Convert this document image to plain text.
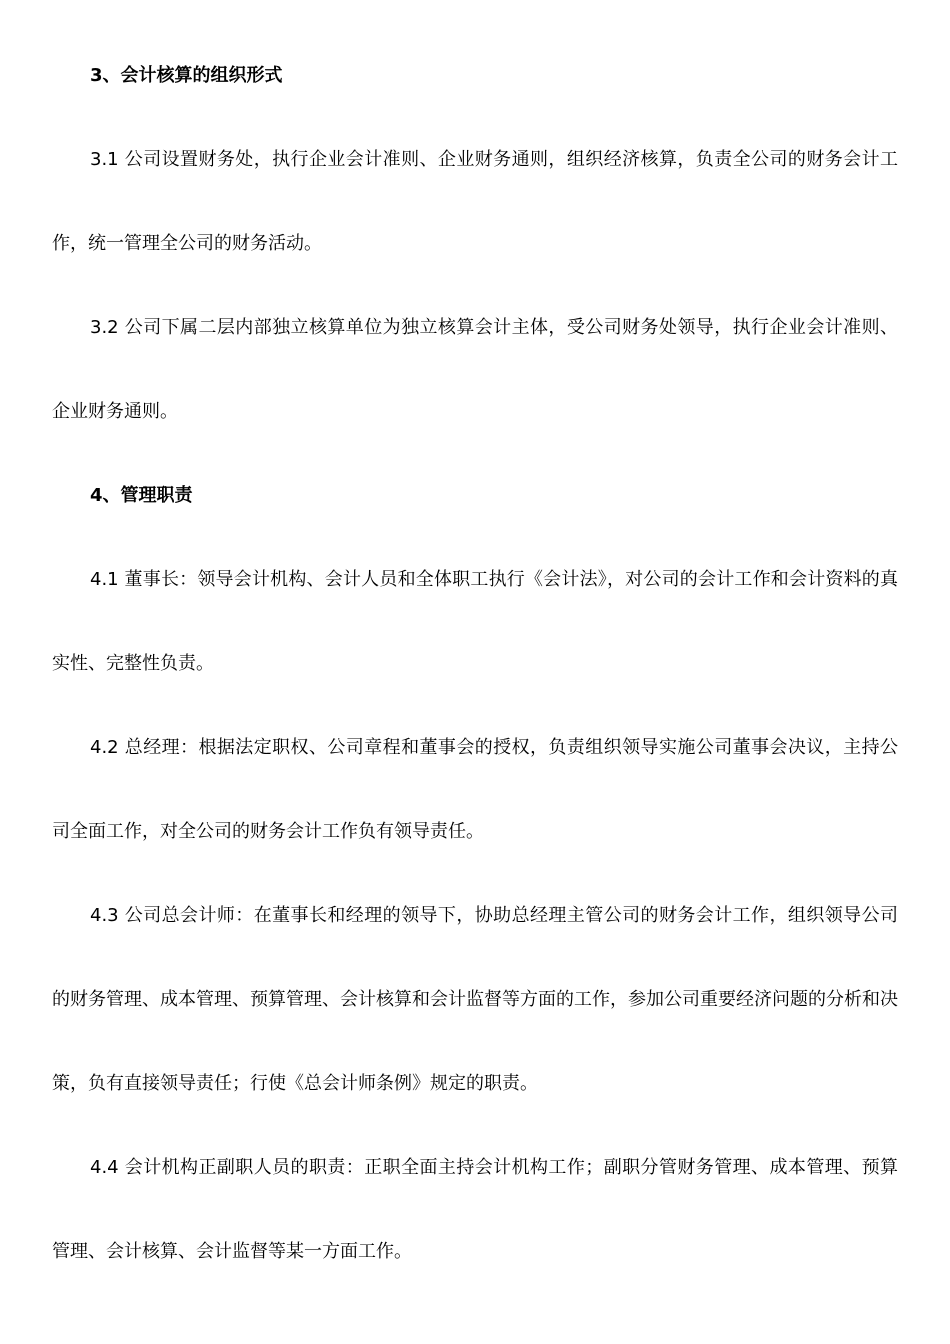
3、会计核算的组织形式

3.1 公司设置财务处，执行企业会计准则、企业财务通则，组织经济核算，负责全公司的财务会计工作，统一管理全公司的财务活动。

3.2 公司下属二层内部独立核算单位为独立核算会计主体，受公司财务处领导，执行企业会计准则、企业财务通则。

4、管理职责

4.1 董事长：领导会计机构、会计人员和全体职工执行《会计法》，对公司的会计工作和会计资料的真实性、完整性负责。

4.2 总经理：根据法定职权、公司章程和董事会的授权，负责组织领导实施公司董事会决议，主持公司全面工作，对全公司的财务会计工作负有领导责任。

4.3 公司总会计师：在董事长和经理的领导下，协助总经理主管公司的财务会计工作，组织领导公司的财务管理、成本管理、预算管理、会计核算和会计监督等方面的工作，参加公司重要经济问题的分析和决策，负有直接领导责任；行使《总会计师条例》规定的职责。

4.4 会计机构正副职人员的职责：正职全面主持会计机构工作；副职分管财务管理、成本管理、预算管理、会计核算、会计监督等某一方面工作。
